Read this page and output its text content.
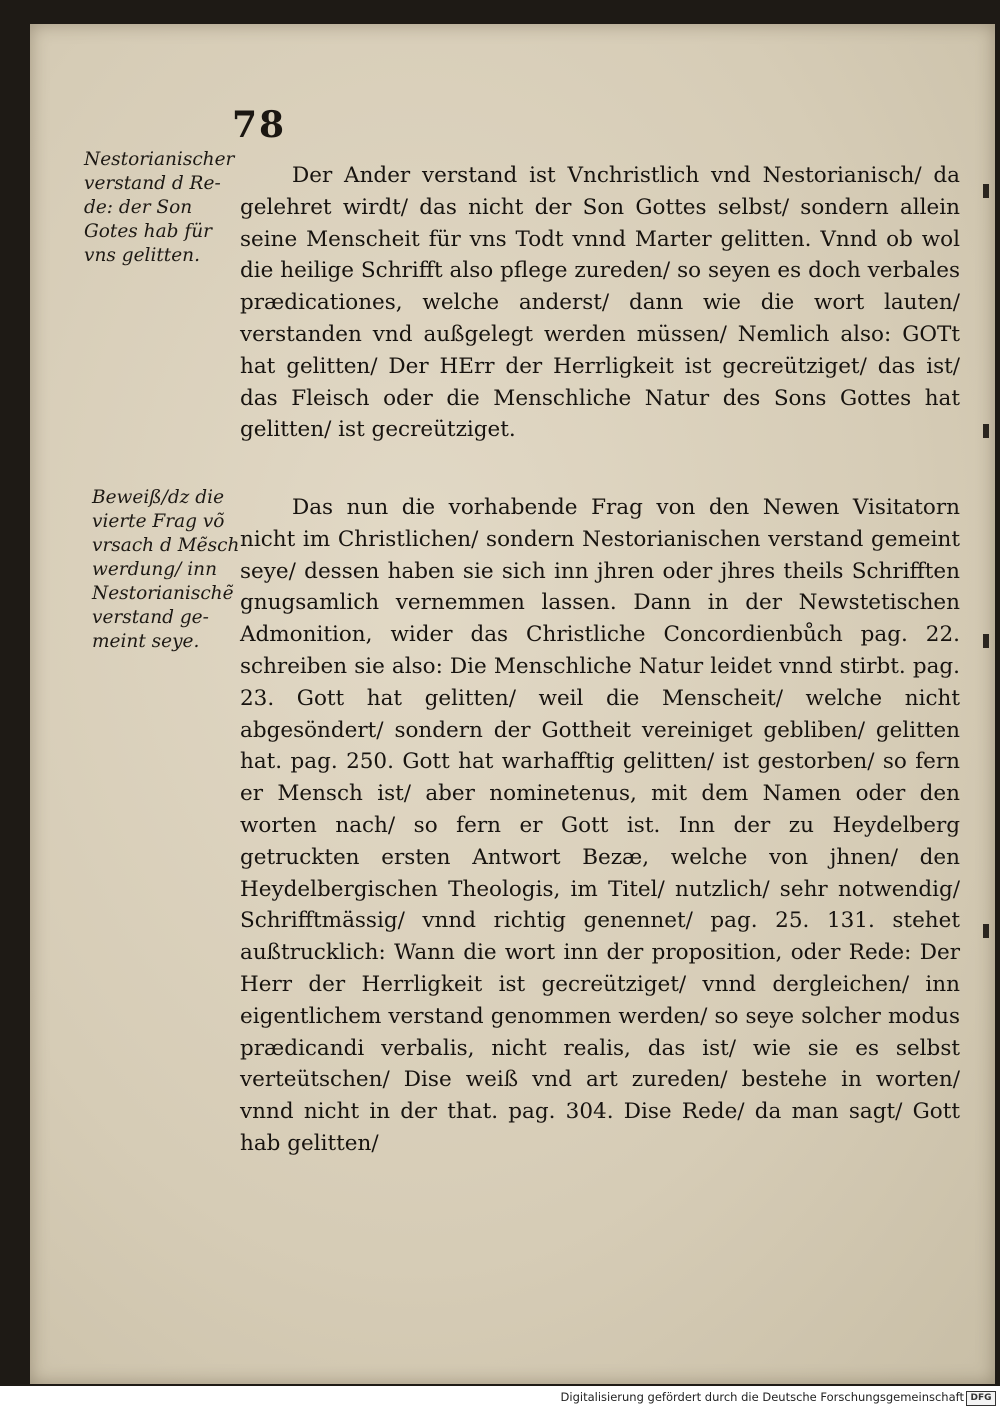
78
Nestorianischer
verstand d Re-
de: der Son
Gotes hab für
vns gelitten.
Beweiß/dz die
vierte Frag võ
vrsach d Mẽsch
werdung/ inn
Nestorianischẽ
verstand ge-
meint seye.
Der Ander verstand ist Vnchristlich vnd Nestorianisch/ da gelehret wirdt/ das nicht der Son Gottes selbst/ sondern allein seine Menscheit für vns Todt vnnd Marter gelitten. Vnnd ob wol die heilige Schrifft also pflege zureden/ so seyen es doch verbales prædicationes, welche anderst/ dann wie die wort lauten/ verstanden vnd außgelegt werden müssen/ Nemlich also: GOTt hat gelitten/ Der HErr der Herrligkeit ist gecreütziget/ das ist/ das Fleisch oder die Menschliche Natur des Sons Gottes hat gelitten/ ist gecreütziget.
Das nun die vorhabende Frag von den Newen Visitatorn nicht im Christlichen/ sondern Nestorianischen verstand gemeint seye/ dessen haben sie sich inn jhren oder jhres theils Schrifften gnugsamlich vernemmen lassen. Dann in der Newstetischen Admonition, wider das Christliche Concordienbůch pag. 22. schreiben sie also: Die Menschliche Natur leidet vnnd stirbt. pag. 23. Gott hat gelitten/ weil die Menscheit/ welche nicht abgesöndert/ sondern der Gottheit vereiniget gebliben/ gelitten hat. pag. 250. Gott hat warhafftig gelitten/ ist gestorben/ so fern er Mensch ist/ aber nominetenus, mit dem Namen oder den worten nach/ so fern er Gott ist. Inn der zu Heydelberg getruckten ersten Antwort Bezæ, welche von jhnen/ den Heydelbergischen Theologis, im Titel/ nutzlich/ sehr notwendig/ Schrifftmässig/ vnnd richtig genennet/ pag. 25. 131. stehet außtrucklich: Wann die wort inn der proposition, oder Rede: Der Herr der Herrligkeit ist gecreütziget/ vnnd dergleichen/ inn eigentlichem verstand genommen werden/ so seye solcher modus prædicandi verbalis, nicht realis, das ist/ wie sie es selbst verteütschen/ Dise weiß vnd art zureden/ bestehe in worten/ vnnd nicht in der that. pag. 304. Dise Rede/ da man sagt/ Gott hab gelitten/
Digitalisierung gefördert durch die Deutsche Forschungsgemeinschaft DFG
